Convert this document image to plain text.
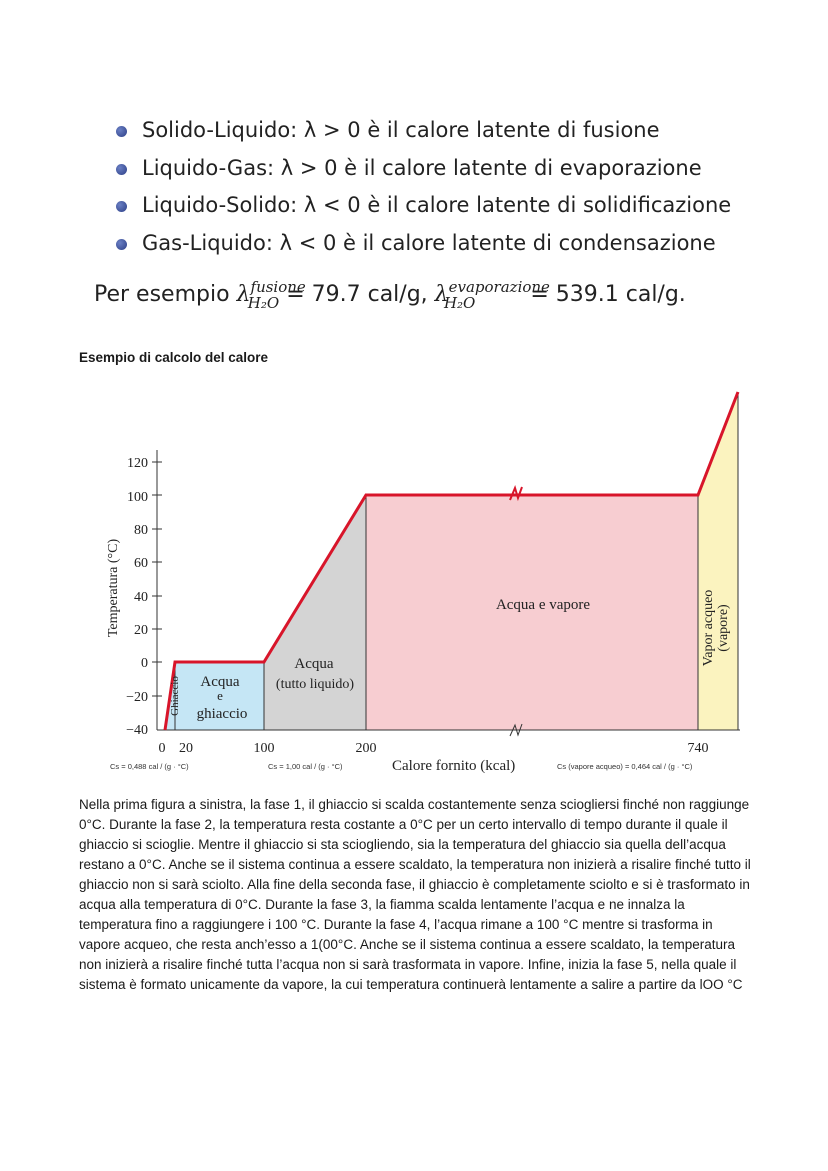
Solido-Liquido: λ > 0 è il calore latente di fusione
Liquido-Gas: λ > 0 è il calore latente di evaporazione
Liquido-Solido: λ < 0 è il calore latente di solidificazione
Gas-Liquido: λ < 0 è il calore latente di condensazione
Per esempio $\lambda^{fusione}_{H_2O} = 79.7$ cal/g, $\lambda^{evaporazione}_{H_2O}$	= 539.1 cal/g.
Esempio di calcolo del calore
120
100
80
60
40
20
0
−20
−40
Temperatura (°C)
0 20	100	200	740
Cs = 0,488 cal / (g · °C)	Cs = 1,00 cal / (g · °C)	Calore fornito (kcal)	Cs (vapore acqueo) = 0,464 cal / (g · °C)
Ghiaccio Acqua
e
ghiaccio
Acqua
(tutto liquido)
Acqua e vapore	Vapor acqueo (vapore)

Nella prima figura a sinistra, la fase 1, il ghiaccio si scalda costantemente senza sciogliersi finché non raggiunge 0°C. Durante la fase 2, la temperatura resta costante a 0°C per un certo intervallo di tempo durante il quale il ghiaccio si scioglie. Mentre il ghiaccio si sta sciogliendo, sia la temperatura del ghiaccio sia quella dell’acqua restano a 0°C. Anche se il sistema continua a essere scaldato, la temperatura non inizierà a risalire finché tutto il ghiaccio non si sarà sciolto. Alla fine della seconda fase, il ghiaccio è completamente sciolto e si è trasformato in acqua alla temperatura di 0°C. Durante la fase 3, la fiamma scalda lentamente l’acqua e ne innalza la temperatura fino a raggiungere i 100 °C. Durante la fase 4, l’acqua rimane a 100 °C mentre si trasforma in vapore acqueo, che resta anch’esso a 1(00°C. Anche se il sistema continua a essere scaldato, la temperatura non inizierà a risalire finché tutta l’acqua non si sarà trasformata in vapore. Infine, inizia la fase 5, nella quale il sistema è formato unicamente da vapore, la cui temperatura continuerà lentamente a salire a partire da lOO °C
